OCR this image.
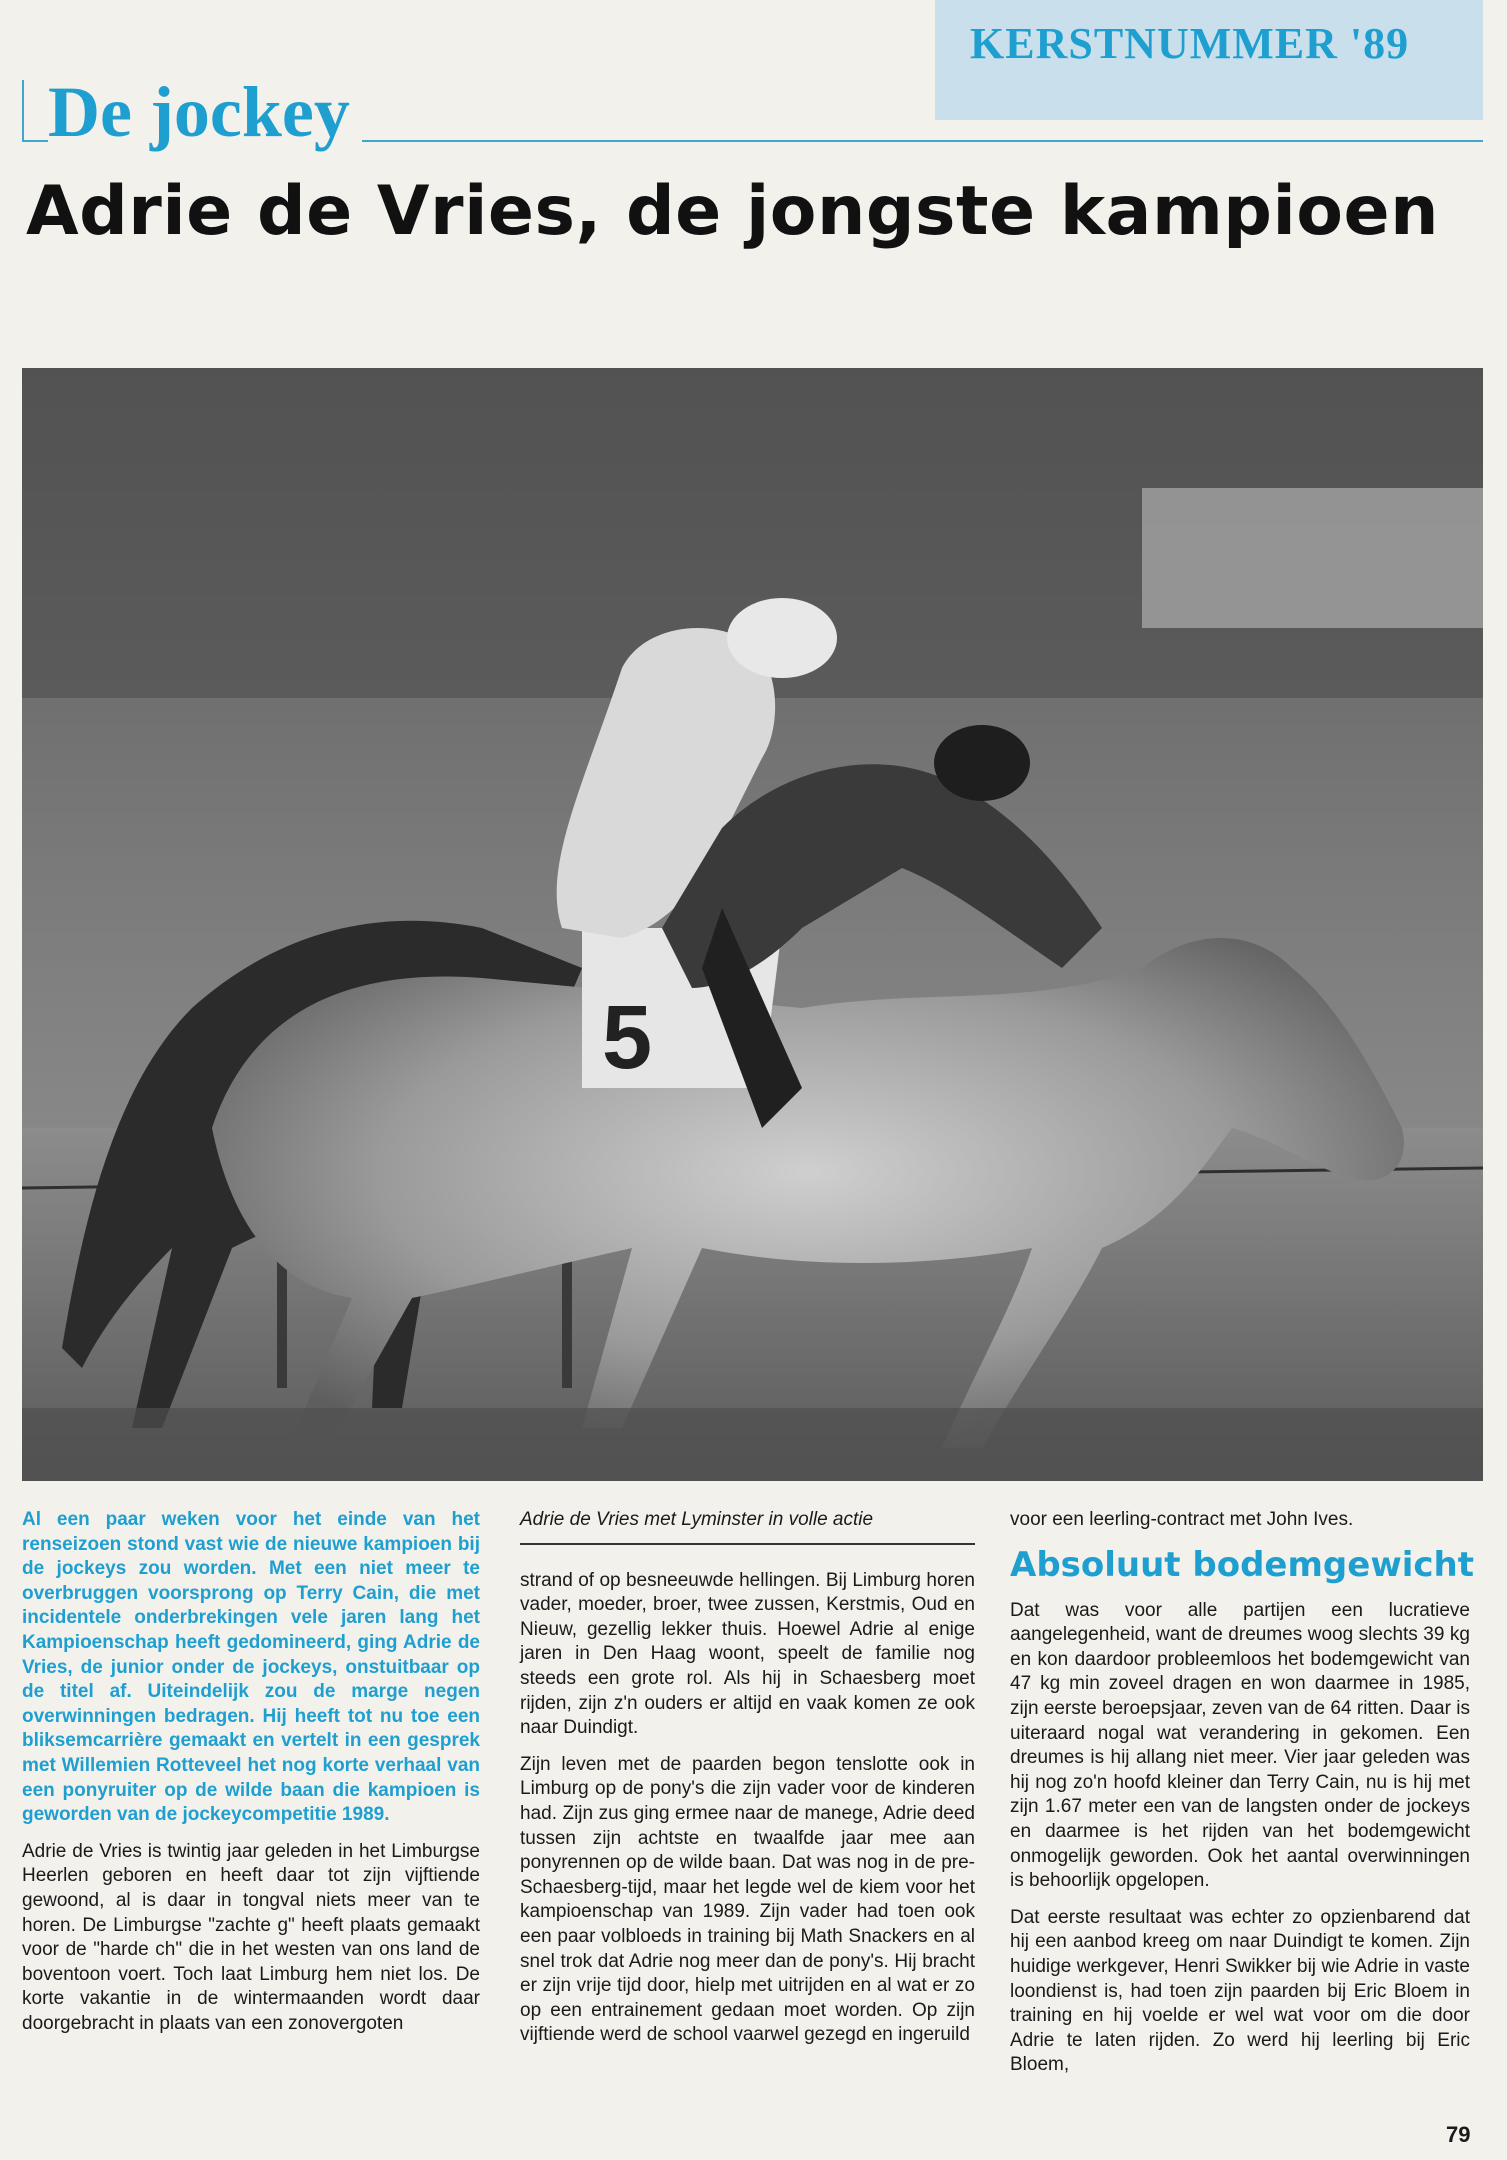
KERSTNUMMER '89
De jockey
Adrie de Vries, de jongste kampioen
5

Al een paar weken voor het einde van het renseizoen stond vast wie de nieuwe kampioen bij de jockeys zou worden. Met een niet meer te overbruggen voorsprong op Terry Cain, die met incidentele onderbrekingen vele jaren lang het Kampioenschap heeft gedomineerd, ging Adrie de Vries, de junior onder de jockeys, onstuitbaar op de titel af. Uiteindelijk zou de marge negen overwinningen bedragen. Hij heeft tot nu toe een bliksemcarrière gemaakt en vertelt in een gesprek met Willemien Rotteveel het nog korte verhaal van een ponyruiter op de wilde baan die kampioen is geworden van de jockeycompetitie 1989.

Adrie de Vries is twintig jaar geleden in het Limburgse Heerlen geboren en heeft daar tot zijn vijftiende gewoond, al is daar in tongval niets meer van te horen. De Limburgse "zachte g" heeft plaats gemaakt voor de "harde ch" die in het westen van ons land de boventoon voert. Toch laat Limburg hem niet los. De korte vakantie in de wintermaanden wordt daar doorgebracht in plaats van een zonovergoten

Adrie de Vries met Lyminster in volle actie

strand of op besneeuwde hellingen. Bij Limburg horen vader, moeder, broer, twee zussen, Kerstmis, Oud en Nieuw, gezellig lekker thuis. Hoewel Adrie al enige jaren in Den Haag woont, speelt de familie nog steeds een grote rol. Als hij in Schaesberg moet rijden, zijn z'n ouders er altijd en vaak komen ze ook naar Duindigt.

Zijn leven met de paarden begon tenslotte ook in Limburg op de pony's die zijn vader voor de kinderen had. Zijn zus ging ermee naar de manege, Adrie deed tussen zijn achtste en twaalfde jaar mee aan ponyrennen op de wilde baan. Dat was nog in de pre-Schaesberg-tijd, maar het legde wel de kiem voor het kampioenschap van 1989. Zijn vader had toen ook een paar volbloeds in training bij Math Snackers en al snel trok dat Adrie nog meer dan de pony's. Hij bracht er zijn vrije tijd door, hielp met uitrijden en al wat er zo op een entrainement gedaan moet worden. Op zijn vijftiende werd de school vaarwel gezegd en ingeruild

voor een leerling-contract met John Ives.

Absoluut bodemgewicht

Dat was voor alle partijen een lucratieve aangelegenheid, want de dreumes woog slechts 39 kg en kon daardoor probleemloos het bodemgewicht van 47 kg min zoveel dragen en won daarmee in 1985, zijn eerste beroepsjaar, zeven van de 64 ritten. Daar is uiteraard nogal wat verandering in gekomen. Een dreumes is hij allang niet meer. Vier jaar geleden was hij nog zo'n hoofd kleiner dan Terry Cain, nu is hij met zijn 1.67 meter een van de langsten onder de jockeys en daarmee is het rijden van het bodemgewicht onmogelijk geworden. Ook het aantal overwinningen is behoorlijk opgelopen.

Dat eerste resultaat was echter zo opzienbarend dat hij een aanbod kreeg om naar Duindigt te komen. Zijn huidige werkgever, Henri Swikker bij wie Adrie in vaste loondienst is, had toen zijn paarden bij Eric Bloem in training en hij voelde er wel wat voor om die door Adrie te laten rijden. Zo werd hij leerling bij Eric Bloem,

79
